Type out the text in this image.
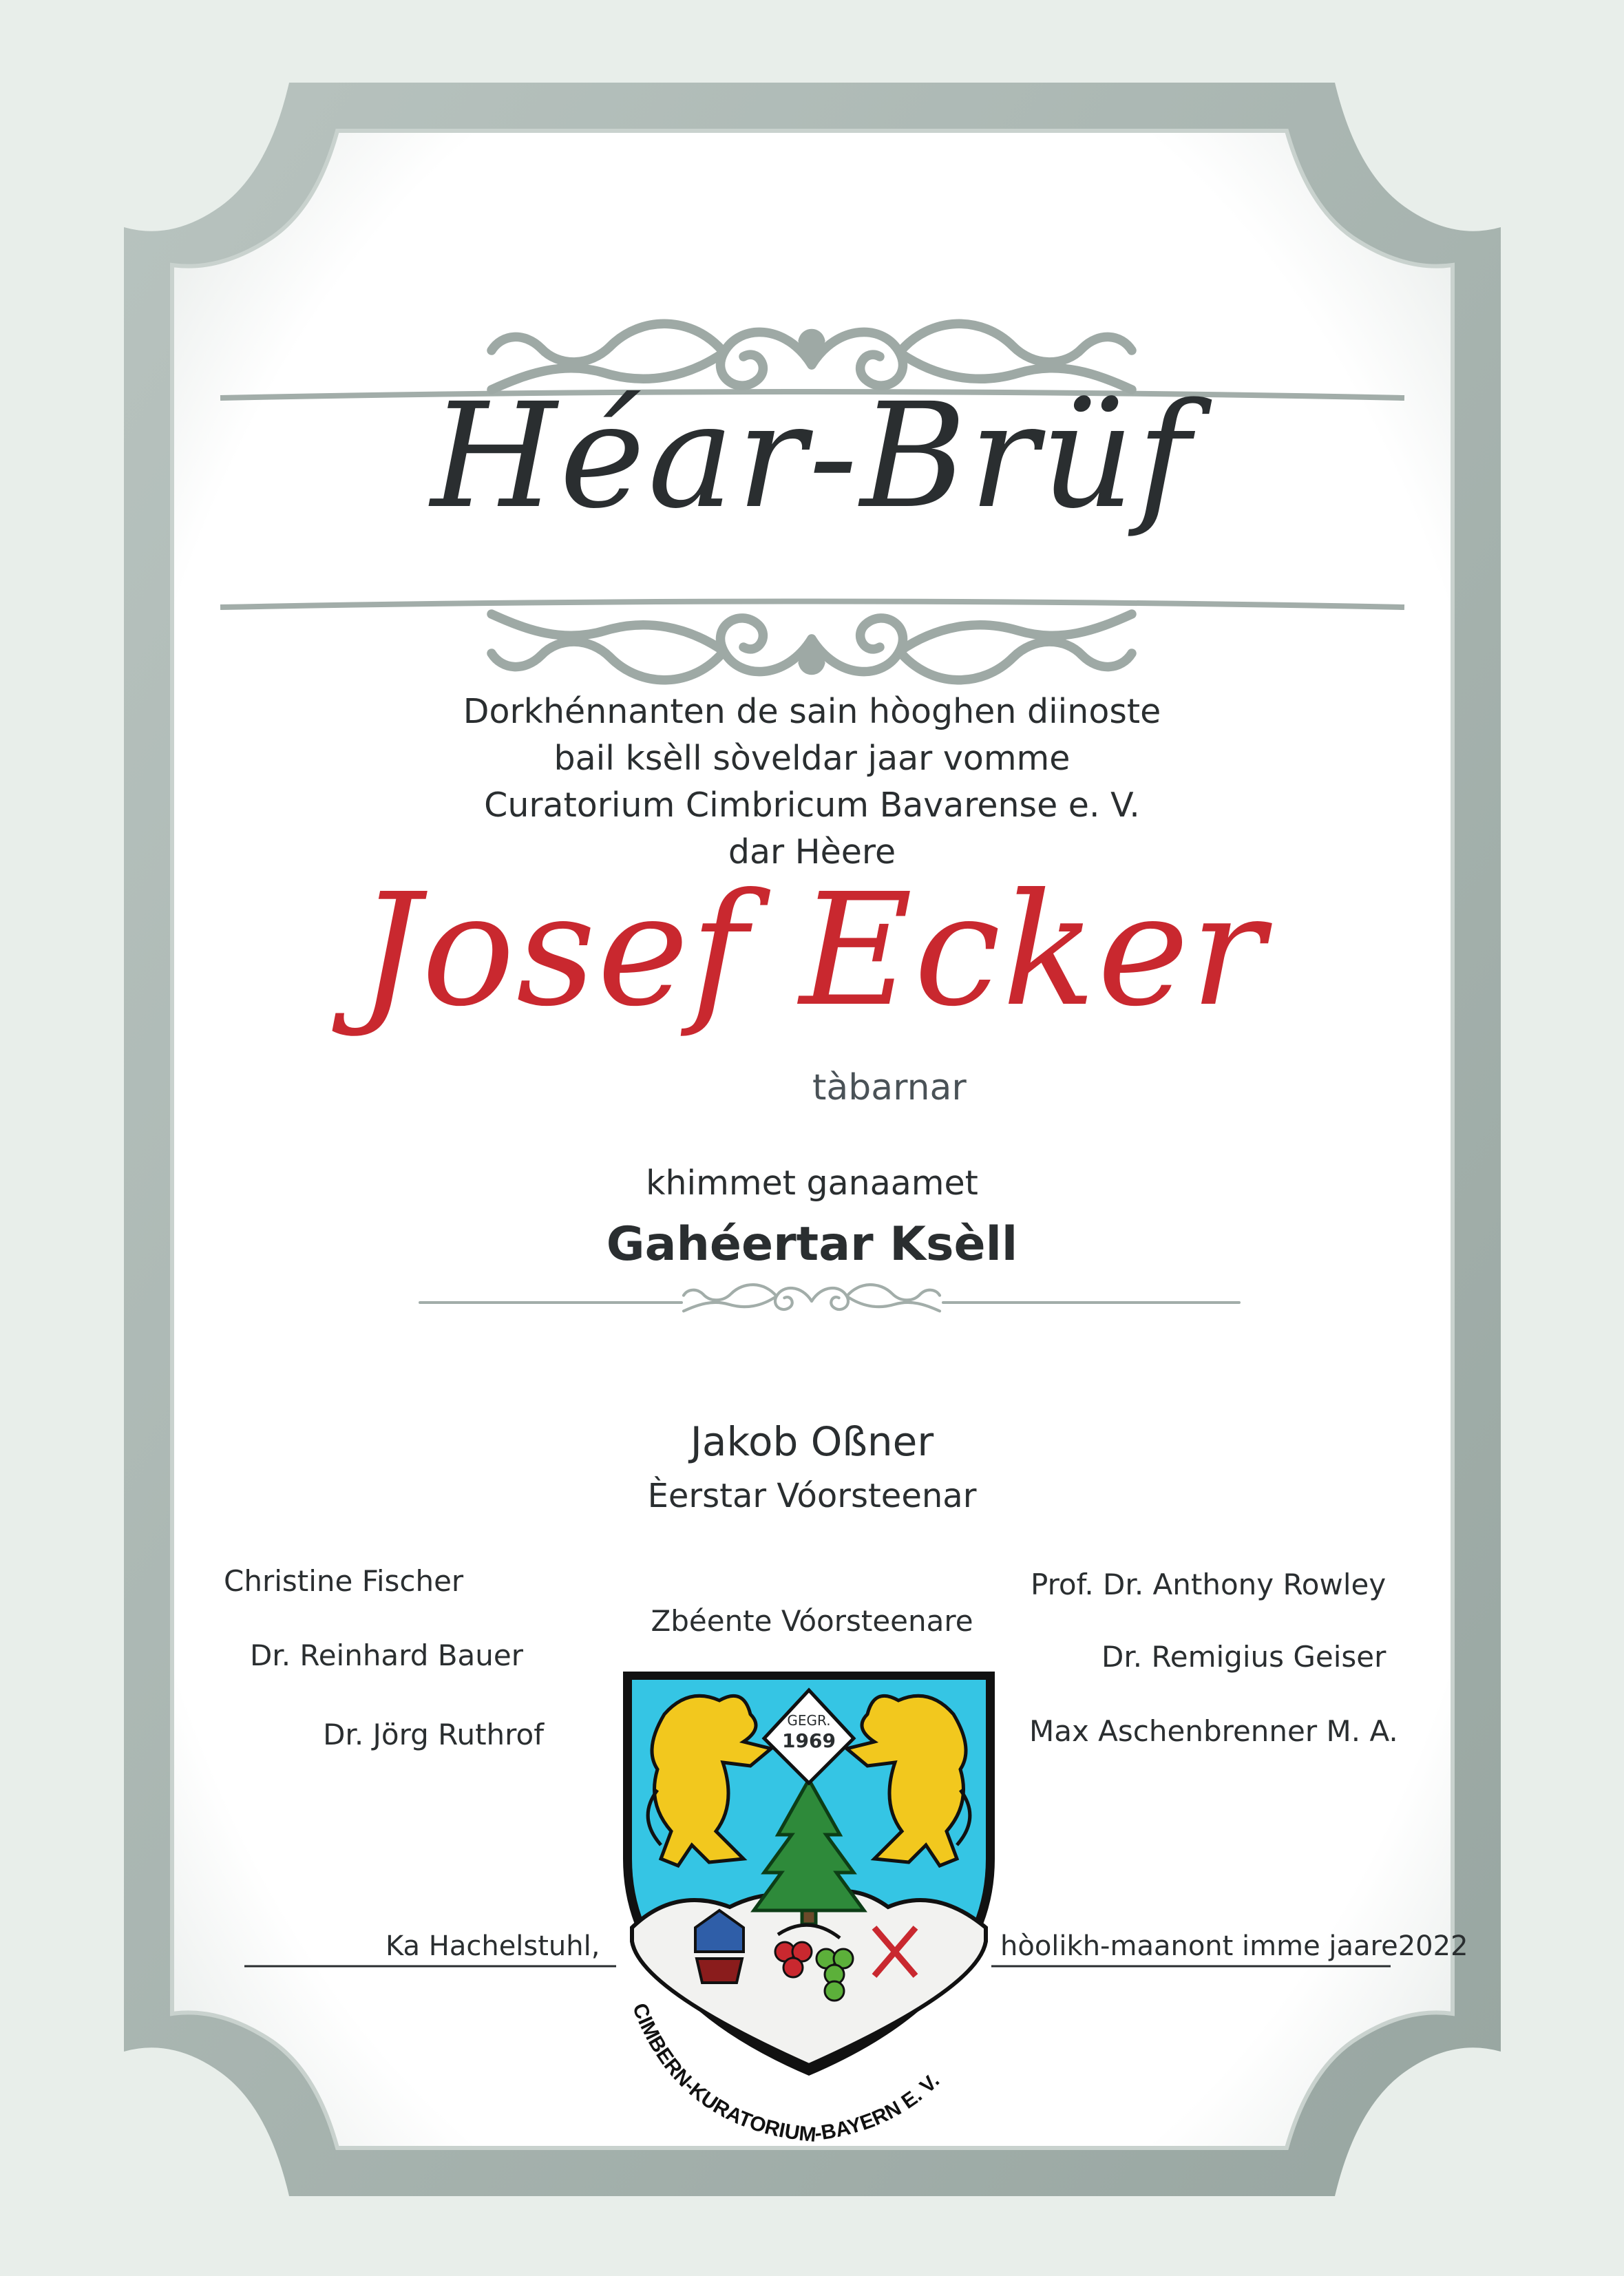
GEGR.
1969
CIMBERN-KURATORIUM-BAYERN E. V.
Héar-Brüf
Dorkhénnanten de sain hòoghen diinoste
bail ksèll sòveldar jaar vomme
Curatorium Cimbricum Bavarense e. V.
dar Hèere
Josef Ecker
tàbarnar
khimmet ganaamet
Gahéertar Ksèll
Jakob Oßner
Èerstar Vóorsteenar
Zbéente Vóorsteenare
Christine Fischer
Dr. Reinhard Bauer
Dr. Jörg Ruthrof
Prof. Dr. Anthony Rowley
Dr. Remigius Geiser
Max Aschenbrenner M. A.
Ka Hachelstuhl,	hòolikh-maanont imme jaare2022
